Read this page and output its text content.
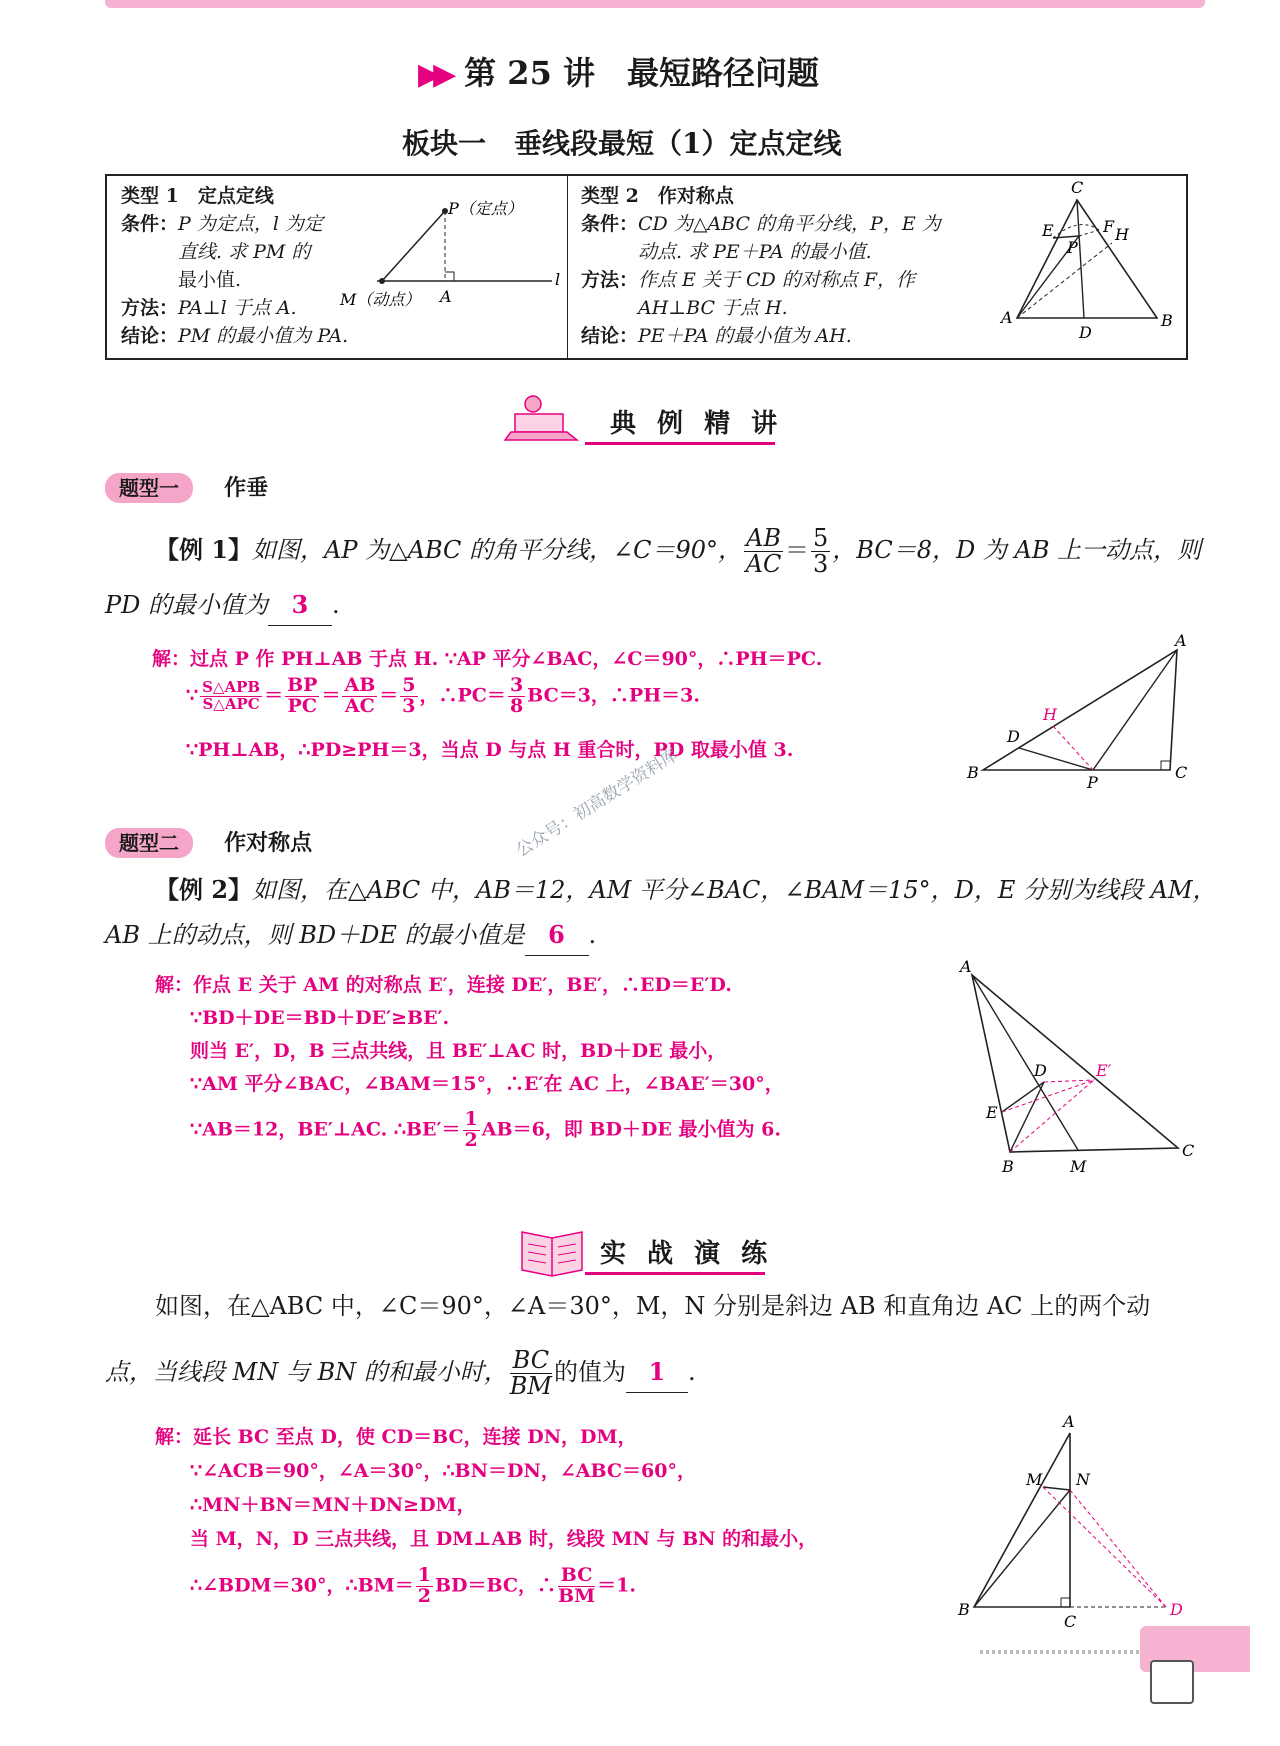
▶▶ 第 25 讲　最短路径问题
板块一　垂线段最短（1）定点定线
类型 1　定点定线
条件：P 为定点，l 为定
直线. 求 PM 的
最小值.
方法：PA⊥l 于点 A.
结论：PM 的最小值为 PA.
P（定点）
M（动点） A
l
类型 2　作对称点
条件：CD 为△ABC 的角平分线，P，E 为
动点. 求 PE＋PA 的最小值.
方法：作点 E 关于 CD 的对称点 F，作
AH⊥BC 于点 H.
结论：PE＋PA 的最小值为 AH.
C
E	F H
P
A
D
B
典 例 精 讲
题型一 作垂
【例 1】如图，AP 为△ABC 的角平分线，∠C＝90°， $\frac{AB}{AC} = \frac{5}{3}$ ，BC＝8，D 为 AB 上一动点，则
PD 的最小值为 3 .
解：过点 P 作 PH⊥AB 于点 H. ∵AP 平分∠BAC，∠C＝90°，∴PH＝PC.
∵ $\frac{\text{S△APB}}{\text{S△APC}} = \frac{BP}{PC} = \frac{AB}{AC} = \frac{5}{3}$ ，∴PC＝ $\frac{3}{8} BC=3$，∴PH＝3.
∵PH⊥AB，∴PD≥PH＝3，当点 D 与点 H 重合时，PD 取最小值 3.
A
H
D
B
P
C
题型二 作对称点
【例 2】如图，在△ABC 中，AB＝12，AM 平分∠BAC，∠BAM＝15°，D，E 分别为线段 AM，
AB 上的动点，则 BD＋DE 的最小值是 6 .
公众号：初高数学资料库
解：作点 E 关于 AM 的对称点 E′，连接 DE′，BE′，∴ED＝E′D.
∵BD＋DE＝BD＋DE′≥BE′.
则当 E′，D，B 三点共线，且 BE′⊥AC 时，BD＋DE 最小，
∵AM 平分∠BAC，∠BAM＝15°，∴E′在 AC 上，∠BAE′＝30°，
∵AB＝12，BE′⊥AC. ∴BE′＝ $\frac{1}{2} AB=6$，即 BD＋DE 最小值为 6.
A
D	E′
E
B	M
C
实 战 演 练
如图，在△ABC 中，∠C＝90°，∠A＝30°，M，N 分别是斜边 AB 和直角边 AC 上的两个动
点，当线段 MN 与 BN 的和最小时， $\frac{BC}{BM}$ 的值为 1 .
解：延长 BC 至点 D，使 CD＝BC，连接 DN，DM，
∵∠ACB＝90°，∠A＝30°，∴BN＝DN，∠ABC＝60°，
∴MN＋BN＝MN＋DN≥DM，
当 M，N，D 三点共线，且 DM⊥AB 时，线段 MN 与 BN 的和最小，
∴∠BDM＝30°，∴BM＝ $\frac{1}{2} BD=BC$，∴ $\frac{BC}{BM} =1$.
A
M N
B
C
D
